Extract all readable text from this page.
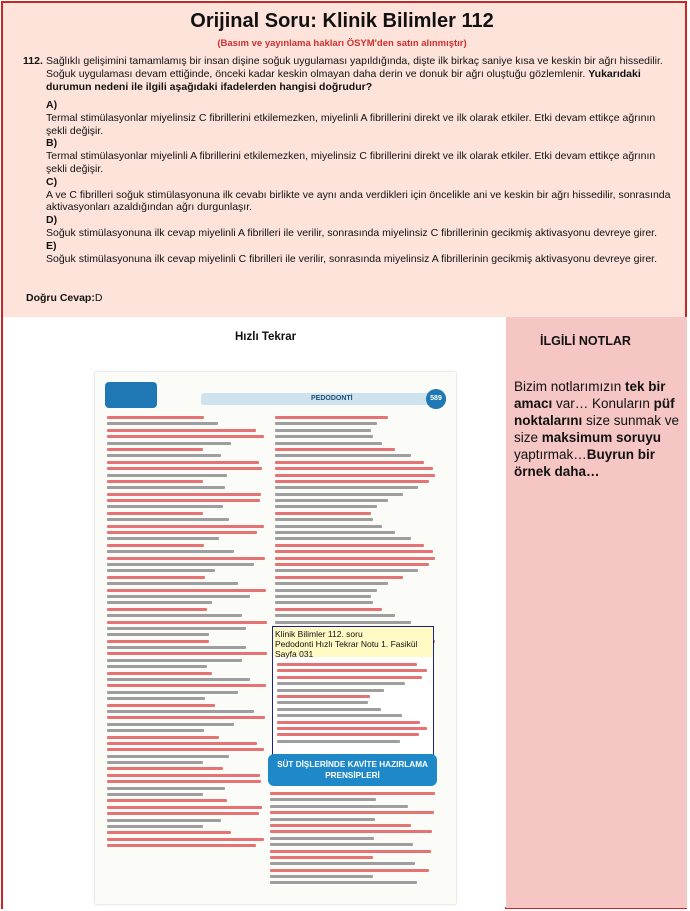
Orijinal Soru: Klinik Bilimler 112
(Basım ve yayınlama hakları ÖSYM'den satın alınmıştır)
112. Sağlıklı gelişimini tamamlamış bir insan dişine soğuk uygulaması yapıldığında, dişte ilk birkaç saniye kısa ve keskin bir ağrı hissedilir. Soğuk uygulaması devam ettiğinde, önceki kadar keskin olmayan daha derin ve donuk bir ağrı oluştuğu gözlemlenir. Yukarıdaki durumun nedeni ile ilgili aşağıdaki ifadelerden hangisi doğrudur?
A)
Termal stimülasyonlar miyelinsiz C fibrillerini etkilemezken, miyelinli A fibrillerini direkt ve ilk olarak etkiler. Etki devam ettikçe ağrının şekli değişir.
B)
Termal stimülasyonlar miyelinli A fibrillerini etkilemezken, miyelinsiz C fibrillerini direkt ve ilk olarak etkiler. Etki devam ettikçe ağrının şekli değişir.
C)
A ve C fibrilleri soğuk stimülasyonuna ilk cevabı birlikte ve aynı anda verdikleri için öncelikle ani ve keskin bir ağrı hissedilir, sonrasında aktivasyonları azaldığından ağrı durgunlaşır.
D)
Soğuk stimülasyonuna ilk cevap miyelinli A fibrilleri ile verilir, sonrasında miyelinsiz C fibrillerinin gecikmiş aktivasyonu devreye girer.
E)
Soğuk stimülasyonuna ilk cevap miyelinli C fibrilleri ile verilir, sonrasında miyelinsiz A fibrillerinin gecikmiş aktivasyonu devreye girer.
Doğru Cevap:D
Hızlı Tekrar
PEDODONTİ	589
Klinik Bilimler 112. soru
Pedodonti Hızlı Tekrar Notu 1. Fasikül
Sayfa 031
SÜT DİŞLERİNDE KAVİTE HAZIRLAMA PRENSİPLERİ
İLGİLİ NOTLAR
Bizim notlarımızın tek bir amacı var… Konuların püf noktalarını size sunmak ve size maksimum soruyu yaptırmak…Buyrun bir örnek daha…
